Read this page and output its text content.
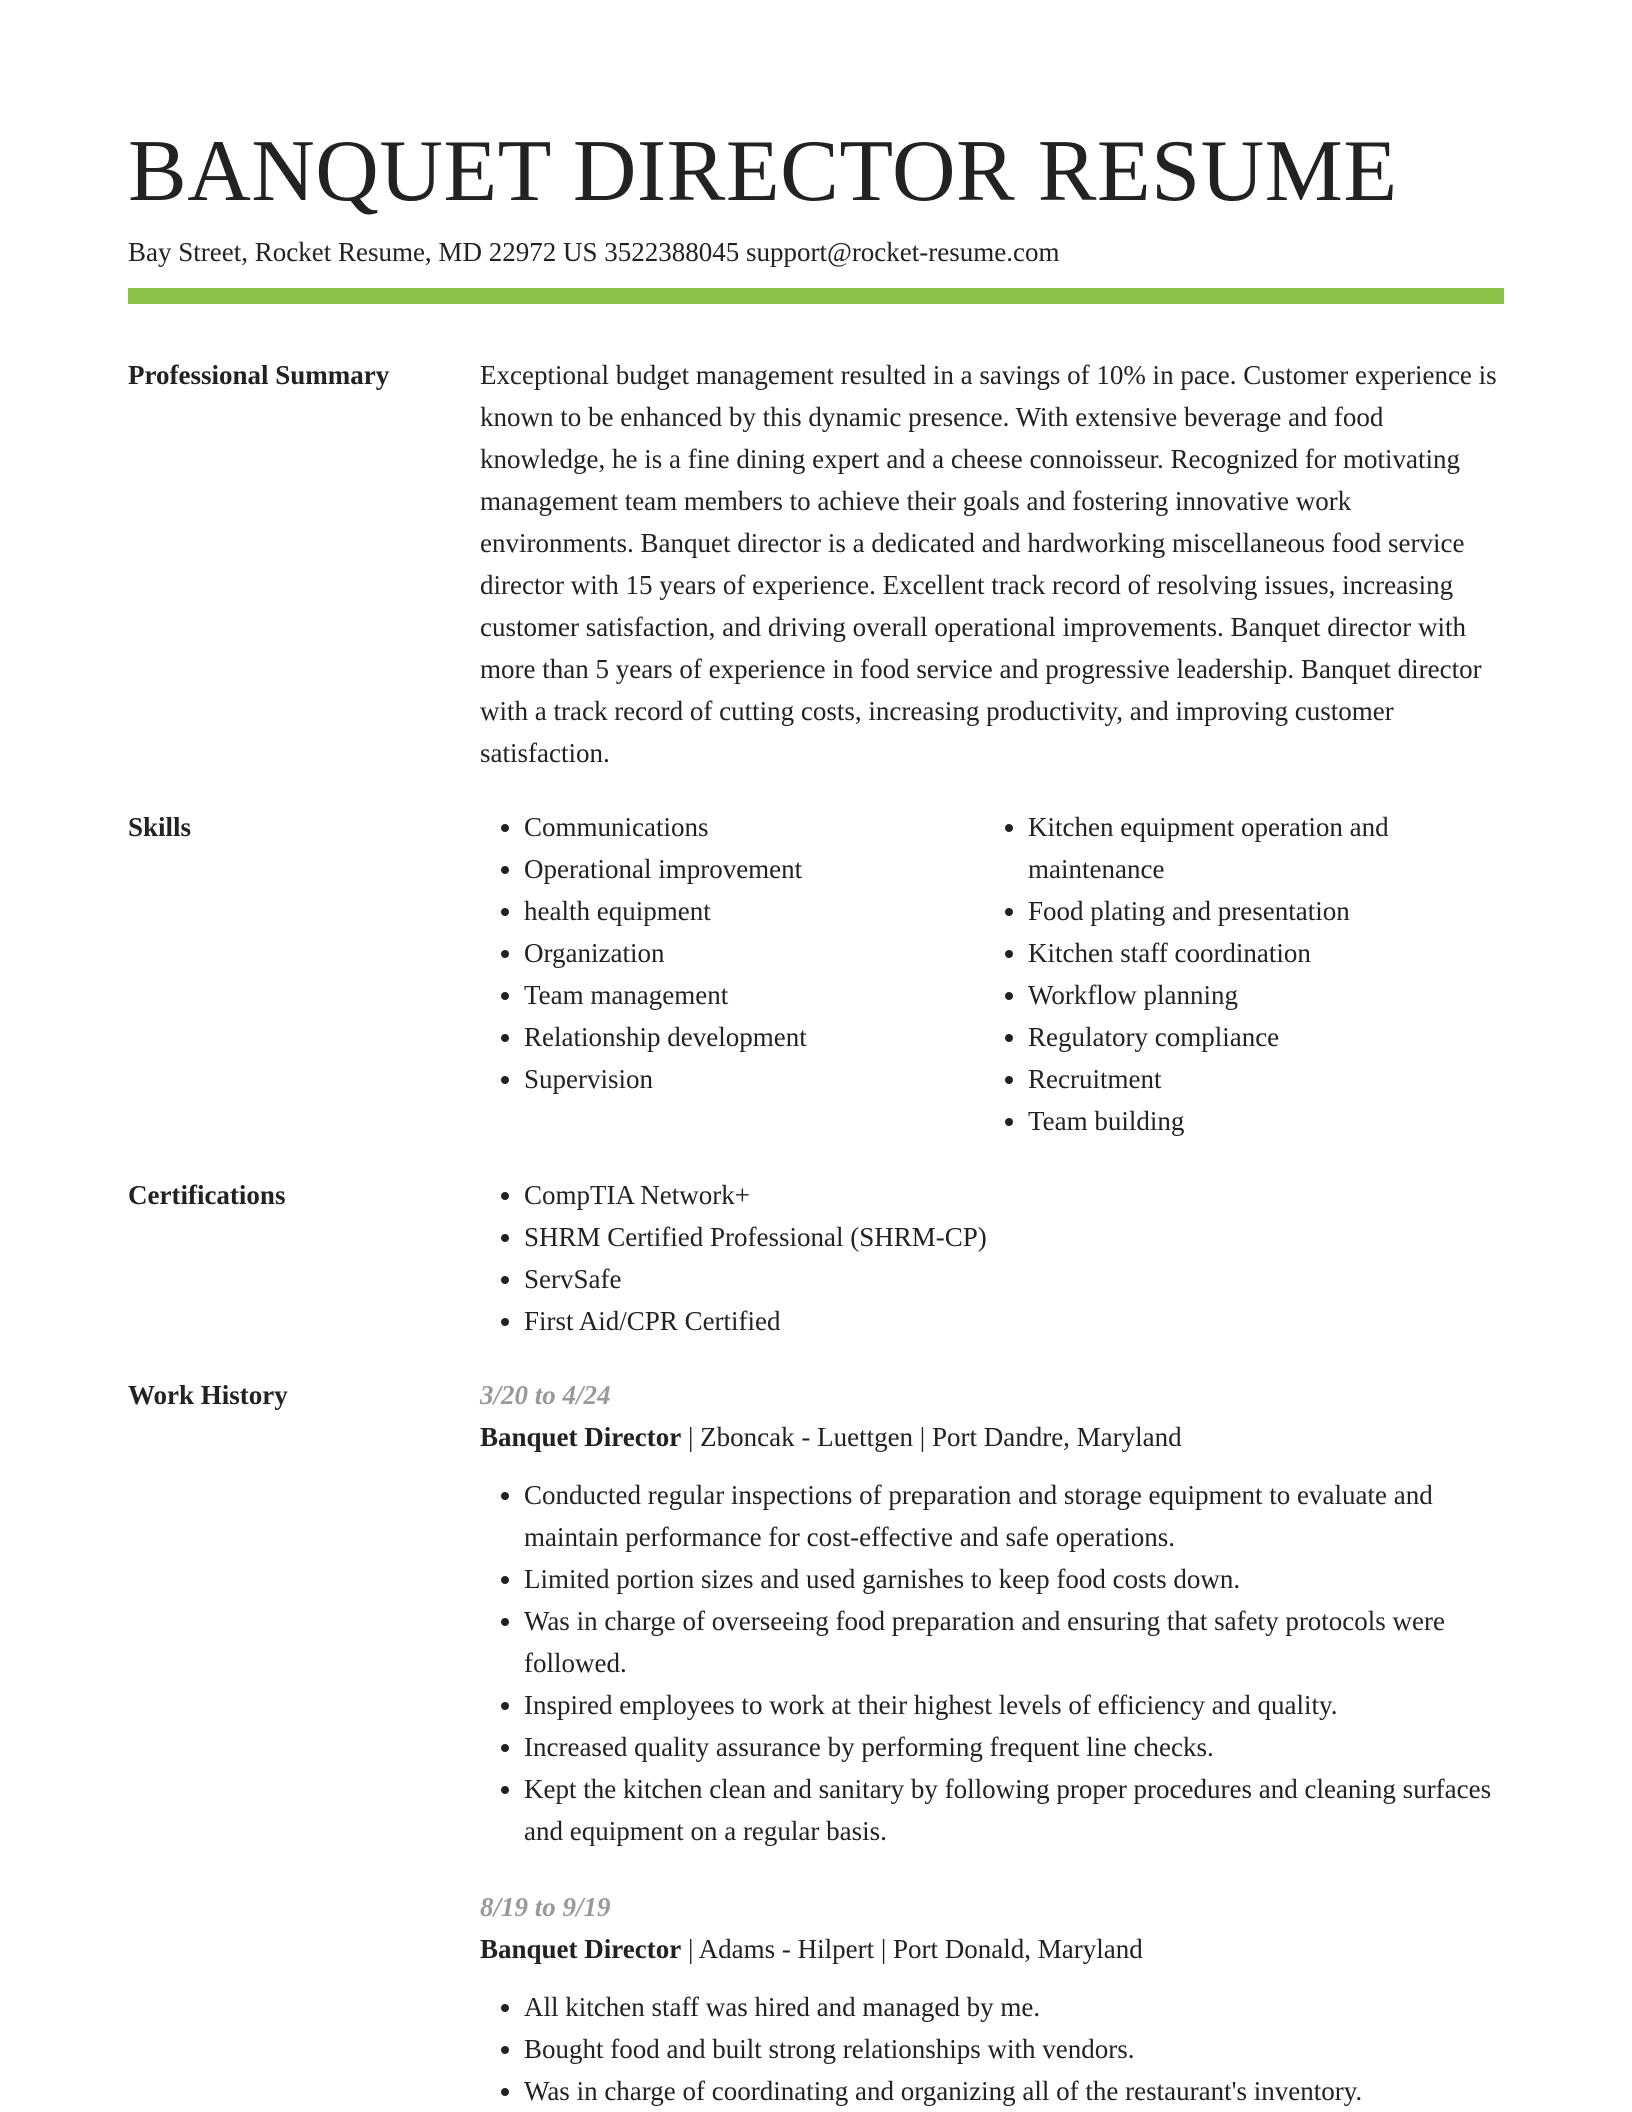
BANQUET DIRECTOR RESUME
Bay Street, Rocket Resume, MD 22972 US 3522388045 support@rocket-resume.com
Professional Summary	Exceptional budget management resulted in a savings of 10% in pace. Customer experience is known to be enhanced by this dynamic presence. With extensive beverage and food knowledge, he is a fine dining expert and a cheese connoisseur. Recognized for motivating management team members to achieve their goals and fostering innovative work environments. Banquet director is a dedicated and hardworking miscellaneous food service director with 15 years of experience. Excellent track record of resolving issues, increasing customer satisfaction, and driving overall operational improvements. Banquet director with more than 5 years of experience in food service and progressive leadership. Banquet director with a track record of cutting costs, increasing productivity, and improving customer satisfaction.

Skills	• Communications
• Operational improvement
• health equipment
• Organization
• Team management
• Relationship development
• Supervision
• Kitchen equipment operation and maintenance
• Food plating and presentation
• Kitchen staff coordination
• Workflow planning
• Regulatory compliance
• Recruitment
• Team building
Certifications	• CompTIA Network+
• SHRM Certified Professional (SHRM-CP)
• ServSafe
• First Aid/CPR Certified
Work History	3/20 to 4/24
Banquet Director | Zboncak - Luettgen | Port Dandre, Maryland
• Conducted regular inspections of preparation and storage equipment to evaluate and maintain performance for cost-effective and safe operations.
• Limited portion sizes and used garnishes to keep food costs down.
• Was in charge of overseeing food preparation and ensuring that safety protocols were followed.
• Inspired employees to work at their highest levels of efficiency and quality.
• Increased quality assurance by performing frequent line checks.
• Kept the kitchen clean and sanitary by following proper procedures and cleaning surfaces and equipment on a regular basis.
8/19 to 9/19
Banquet Director | Adams - Hilpert | Port Donald, Maryland
• All kitchen staff was hired and managed by me.
• Bought food and built strong relationships with vendors.
• Was in charge of coordinating and organizing all of the restaurant's inventory.
